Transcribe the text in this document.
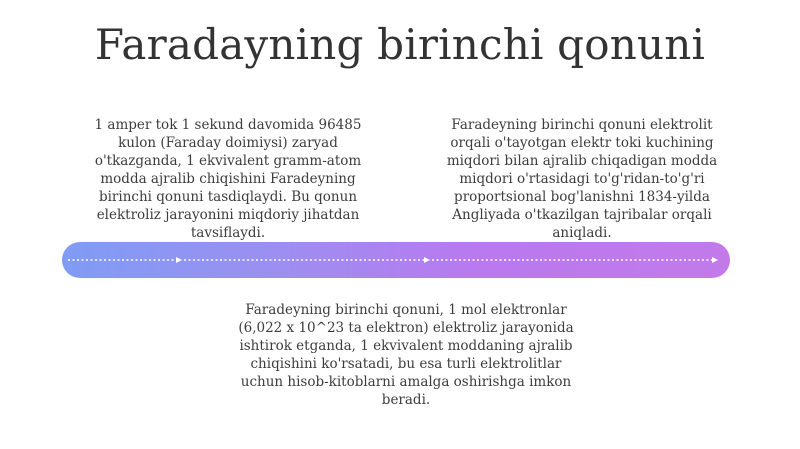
Faradayning birinchi qonuni
1 amper tok 1 sekund davomida 96485
kulon (Faraday doimiysi) zaryad
o'tkazganda, 1 ekvivalent gramm-atom
modda ajralib chiqishini Faradeyning
birinchi qonuni tasdiqlaydi. Bu qonun
elektroliz jarayonini miqdoriy jihatdan
tavsiflaydi.
Faradeyning birinchi qonuni elektrolit
orqali o'tayotgan elektr toki kuchining
miqdori bilan ajralib chiqadigan modda
miqdori o'rtasidagi to'g'ridan-to'g'ri
proportsional bog'lanishni 1834-yilda
Angliyada o'tkazilgan tajribalar orqali
aniqladi.
Faradeyning birinchi qonuni, 1 mol elektronlar
(6,022 x 10^23 ta elektron) elektroliz jarayonida
ishtirok etganda, 1 ekvivalent moddaning ajralib
chiqishini ko'rsatadi, bu esa turli elektrolitlar
uchun hisob-kitoblarni amalga oshirishga imkon
beradi.
